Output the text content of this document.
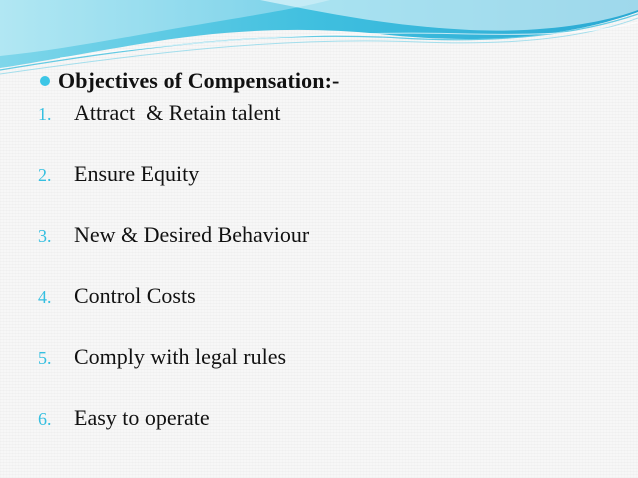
Objectives of Compensation:-
1.	Attract  & Retain talent
2.	Ensure Equity
3.	New & Desired Behaviour
4.	Control Costs
5.	Comply with legal rules
6.	Easy to operate
